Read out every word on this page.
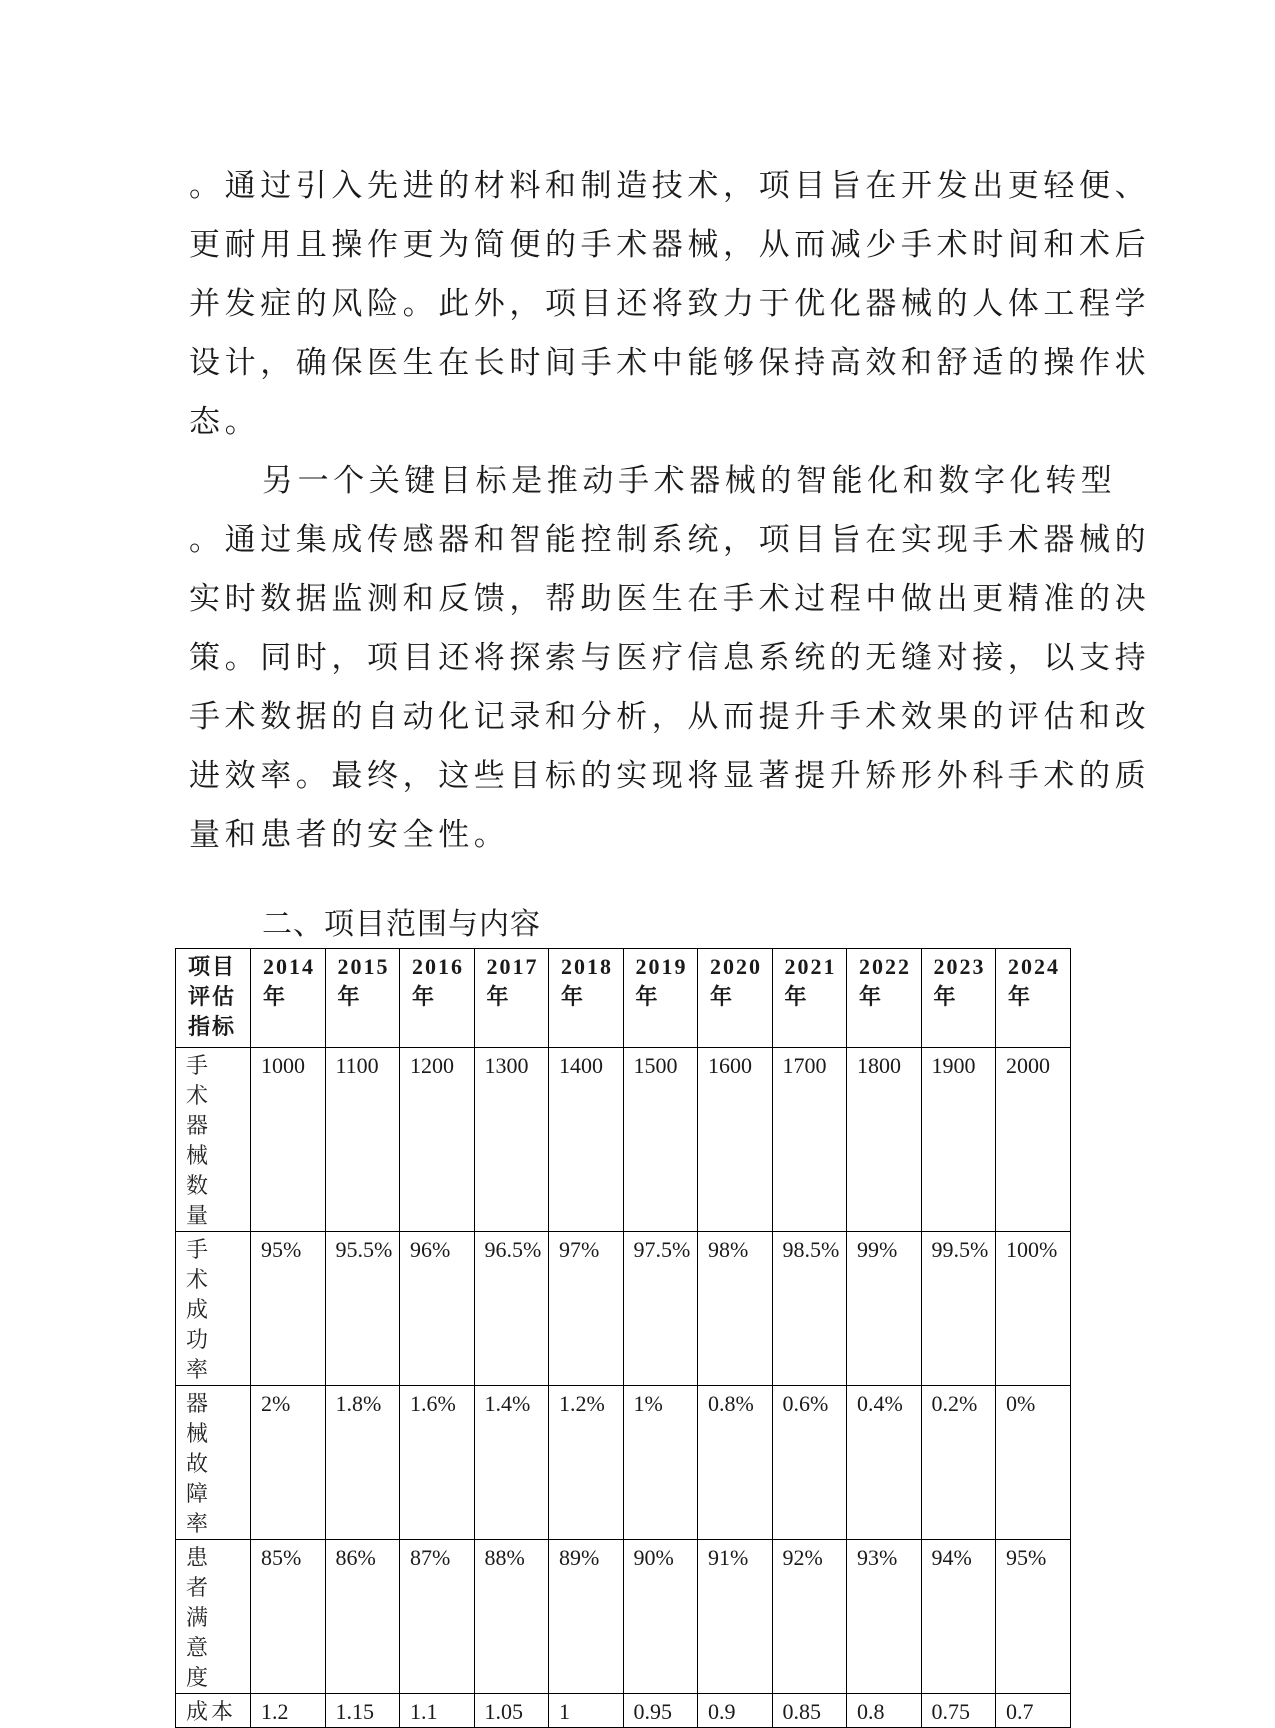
。通过引入先进的材料和制造技术，项目旨在开发出更轻便、
更耐用且操作更为简便的手术器械，从而减少手术时间和术后
并发症的风险。此外，项目还将致力于优化器械的人体工程学
设计，确保医生在长时间手术中能够保持高效和舒适的操作状
态。
另一个关键目标是推动手术器械的智能化和数字化转型
。通过集成传感器和智能控制系统，项目旨在实现手术器械的
实时数据监测和反馈，帮助医生在手术过程中做出更精准的决
策。同时，项目还将探索与医疗信息系统的无缝对接，以支持
手术数据的自动化记录和分析，从而提升手术效果的评估和改
进效率。最终，这些目标的实现将显著提升矫形外科手术的质
量和患者的安全性。
二、项目范围与内容
项目评估指标	2014年	2015年	2016年	2017年	2018年	2019年	2020年	2021年	2022年	2023年	2024年

手术器械数量	1000	1100	1200	1300	1400	1500	1600	1700	1800	1900	2000

手术成功率	95%	95.5%	96%	96.5%	97%	97.5%	98%	98.5%	99%	99.5%	100%

器械故障率	2%	1.8%	1.6%	1.4%	1.2%	1%	0.8%	0.6%	0.4%	0.2%	0%

患者满意度	85%	86%	87%	88%	89%	90%	91%	92%	93%	94%	95%

成本	1.2	1.15	1.1	1.05	1	0.95	0.9	0.85	0.8	0.75	0.7
